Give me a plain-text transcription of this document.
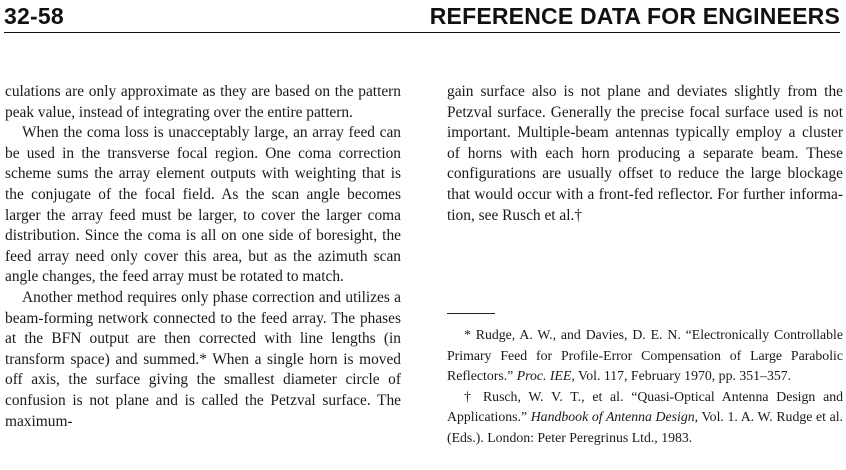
32-58	REFERENCE DATA FOR ENGINEERS

culations are only approximate as they are based on the pattern peak value, instead of integrating over the entire pattern.

When the coma loss is unacceptably large, an array feed can be used in the transverse focal region. One coma correction scheme sums the array element outputs with weighting that is the conjugate of the focal field. As the scan angle becomes larger the array feed must be larger, to cover the larger coma distribution. Since the coma is all on one side of boresight, the feed array need only cover this area, but as the azimuth scan angle changes, the feed array must be rotated to match.

Another method requires only phase correction and utilizes a beam-forming network connected to the feed array. The phases at the BFN output are then corrected with line lengths (in transform space) and summed.* When a single horn is moved off axis, the surface giving the smallest diameter circle of confusion is not plane and is called the Petzval surface. The maximum-

gain surface also is not plane and deviates slightly from the Petzval surface. Generally the precise focal surface used is not important. Multiple-beam antennas typically employ a cluster of horns with each horn producing a separate beam. These configurations are usually offset to reduce the large blockage that would occur with a front-fed reflector. For further information, see Rusch et al.†

* Rudge, A. W., and Davies, D. E. N. “Electronically Controllable Primary Feed for Profile-Error Compensation of Large Parabolic Reflectors.” Proc. IEE, Vol. 117, February 1970, pp. 351–357.

† Rusch, W. V. T., et al. “Quasi-Optical Antenna Design and Applications.” Handbook of Antenna Design, Vol. 1. A. W. Rudge et al. (Eds.). London: Peter Peregrinus Ltd., 1983.
